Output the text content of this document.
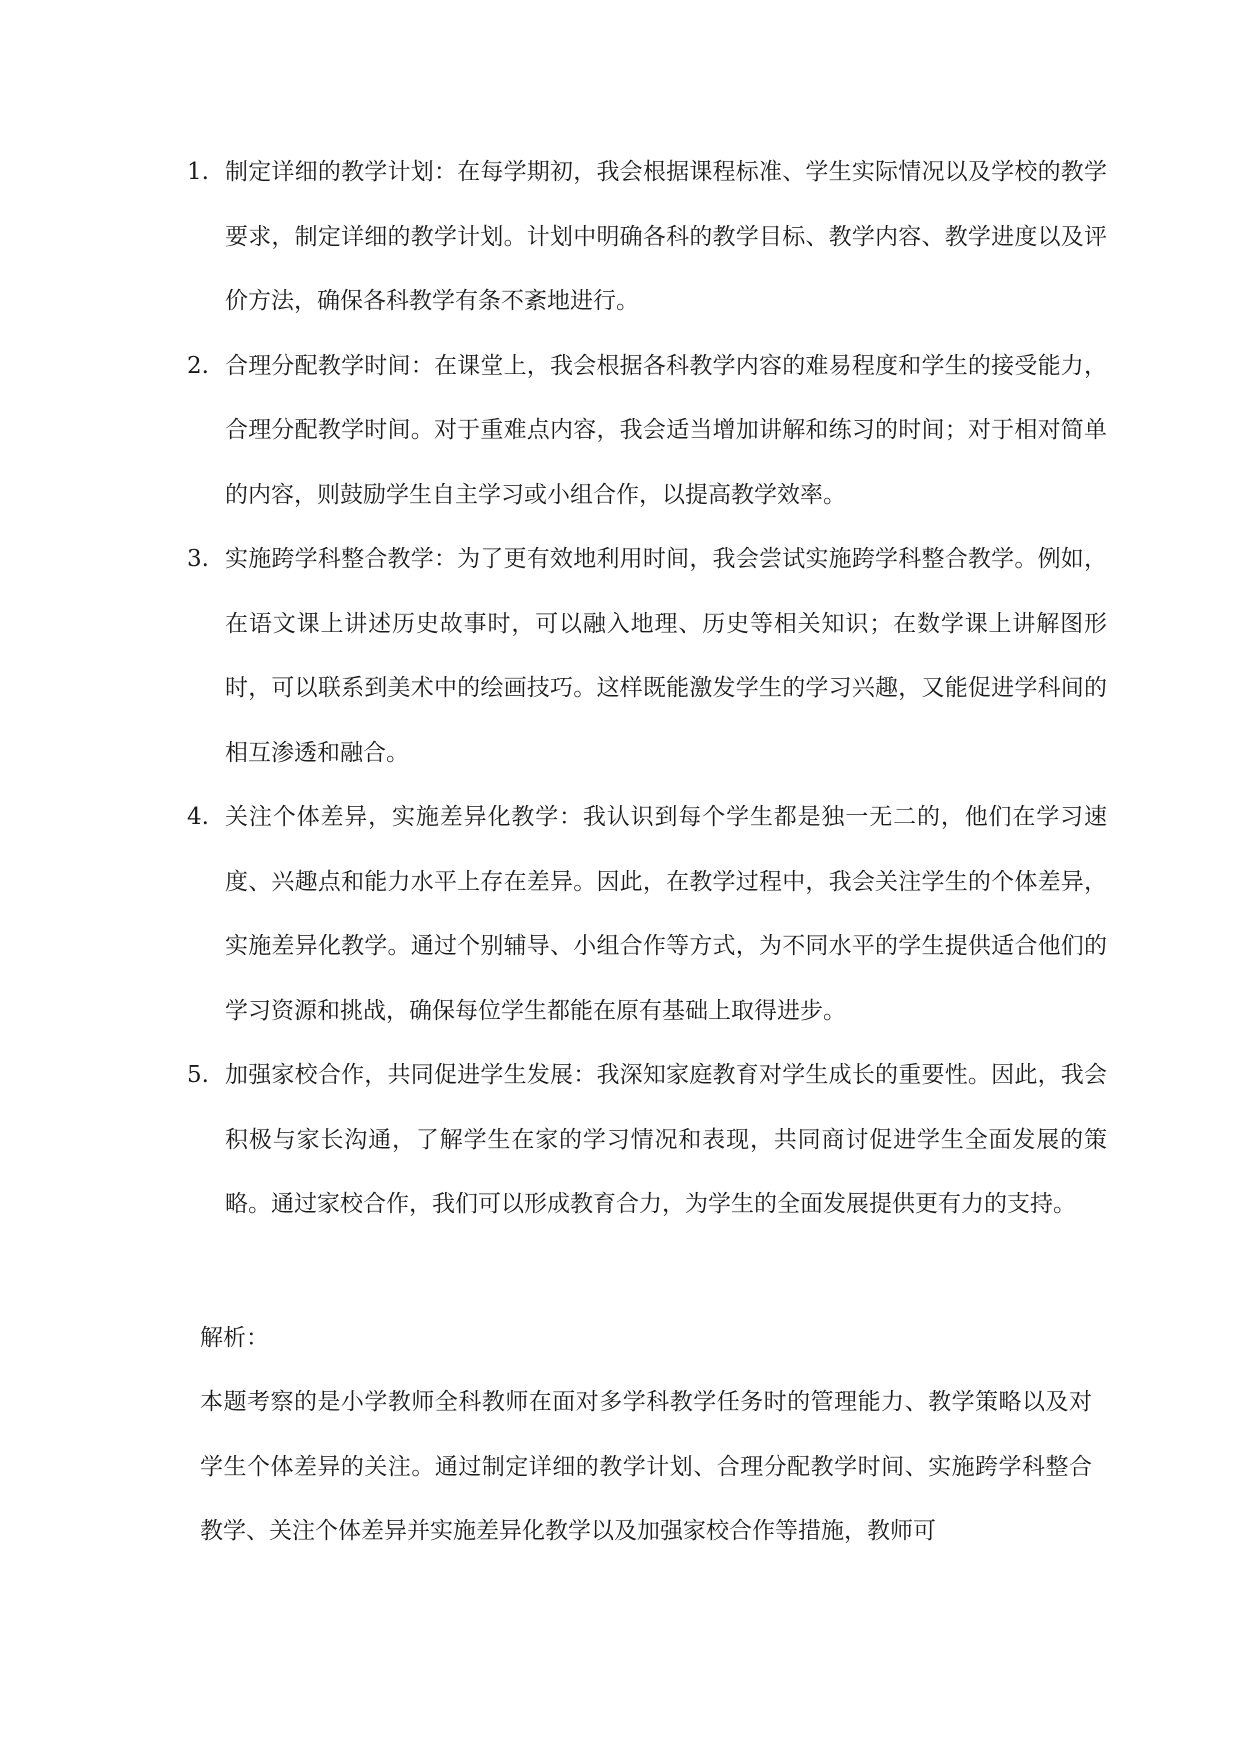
1. 制定详细的教学计划：在每学期初，我会根据课程标准、学生实际情况以及学校的教学要求，制定详细的教学计划。计划中明确各科的教学目标、教学内容、教学进度以及评价方法，确保各科教学有条不紊地进行。

2. 合理分配教学时间：在课堂上，我会根据各科教学内容的难易程度和学生的接受能力，合理分配教学时间。对于重难点内容，我会适当增加讲解和练习的时间；对于相对简单的内容，则鼓励学生自主学习或小组合作，以提高教学效率。

3. 实施跨学科整合教学：为了更有效地利用时间，我会尝试实施跨学科整合教学。例如，在语文课上讲述历史故事时，可以融入地理、历史等相关知识；在数学课上讲解图形时，可以联系到美术中的绘画技巧。这样既能激发学生的学习兴趣，又能促进学科间的相互渗透和融合。

4. 关注个体差异，实施差异化教学：我认识到每个学生都是独一无二的，他们在学习速度、兴趣点和能力水平上存在差异。因此，在教学过程中，我会关注学生的个体差异，实施差异化教学。通过个别辅导、小组合作等方式，为不同水平的学生提供适合他们的学习资源和挑战，确保每位学生都能在原有基础上取得进步。

5. 加强家校合作，共同促进学生发展：我深知家庭教育对学生成长的重要性。因此，我会积极与家长沟通，了解学生在家的学习情况和表现，共同商讨促进学生全面发展的策略。通过家校合作，我们可以形成教育合力，为学生的全面发展提供更有力的支持。

解析：

本题考察的是小学教师全科教师在面对多学科教学任务时的管理能力、教学策略以及对学生个体差异的关注。通过制定详细的教学计划、合理分配教学时间、实施跨学科整合教学、关注个体差异并实施差异化教学以及加强家校合作等措施，教师可
